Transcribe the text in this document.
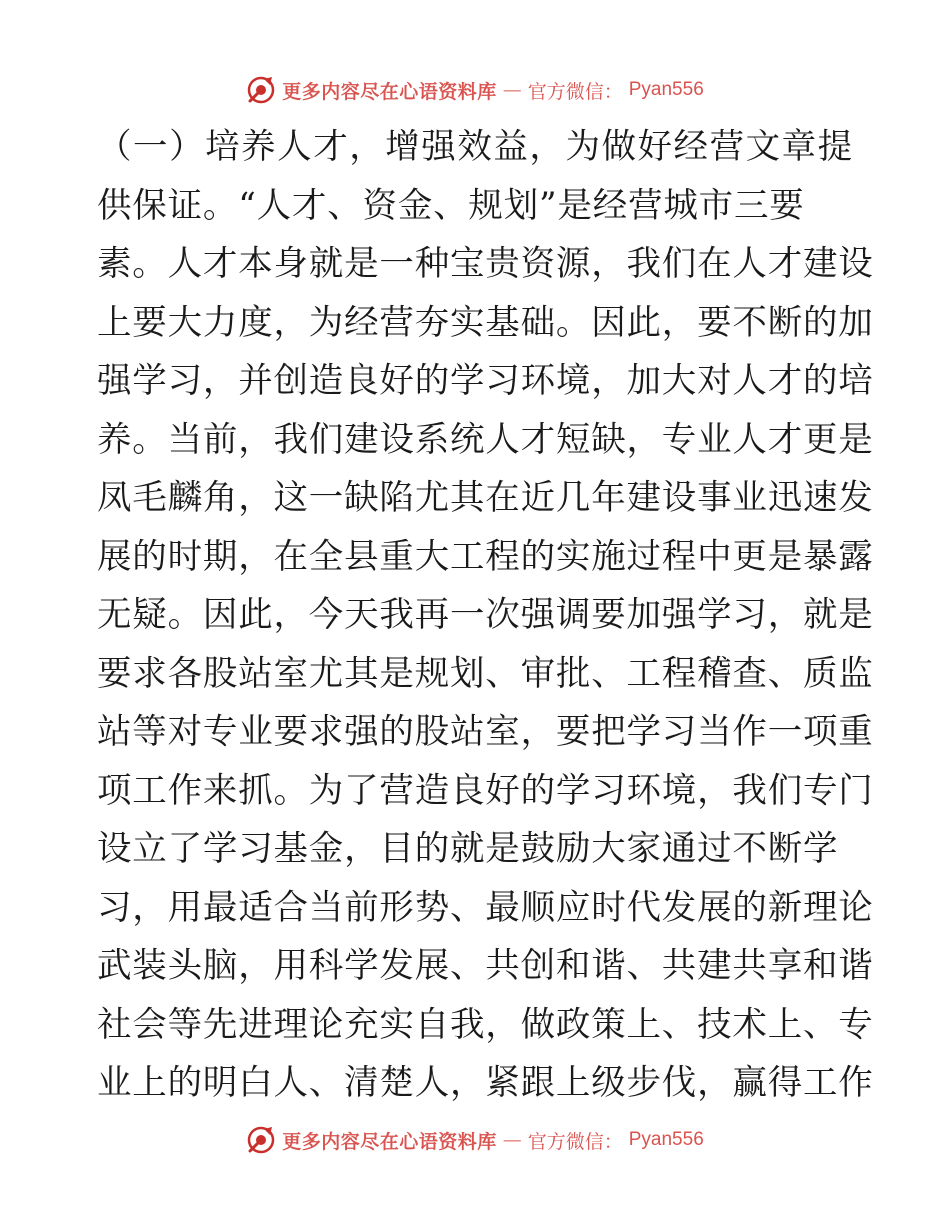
更多内容尽在心语资料库 — 官方微信： Pyan556
（一）培养人才，增强效益，为做好经营文章提
供保证。“人才、资金、规划”是经营城市三要
素。人才本身就是一种宝贵资源，我们在人才建设
上要大力度，为经营夯实基础。因此，要不断的加
强学习，并创造良好的学习环境，加大对人才的培
养。当前，我们建设系统人才短缺，专业人才更是
凤毛麟角，这一缺陷尤其在近几年建设事业迅速发
展的时期，在全县重大工程的实施过程中更是暴露
无疑。因此，今天我再一次强调要加强学习，就是
要求各股站室尤其是规划、审批、工程稽查、质监
站等对专业要求强的股站室，要把学习当作一项重
项工作来抓。为了营造良好的学习环境，我们专门
设立了学习基金，目的就是鼓励大家通过不断学
习，用最适合当前形势、最顺应时代发展的新理论
武装头脑，用科学发展、共创和谐、共建共享和谐
社会等先进理论充实自我，做政策上、技术上、专
业上的明白人、清楚人，紧跟上级步伐，赢得工作
更多内容尽在心语资料库 — 官方微信： Pyan556
